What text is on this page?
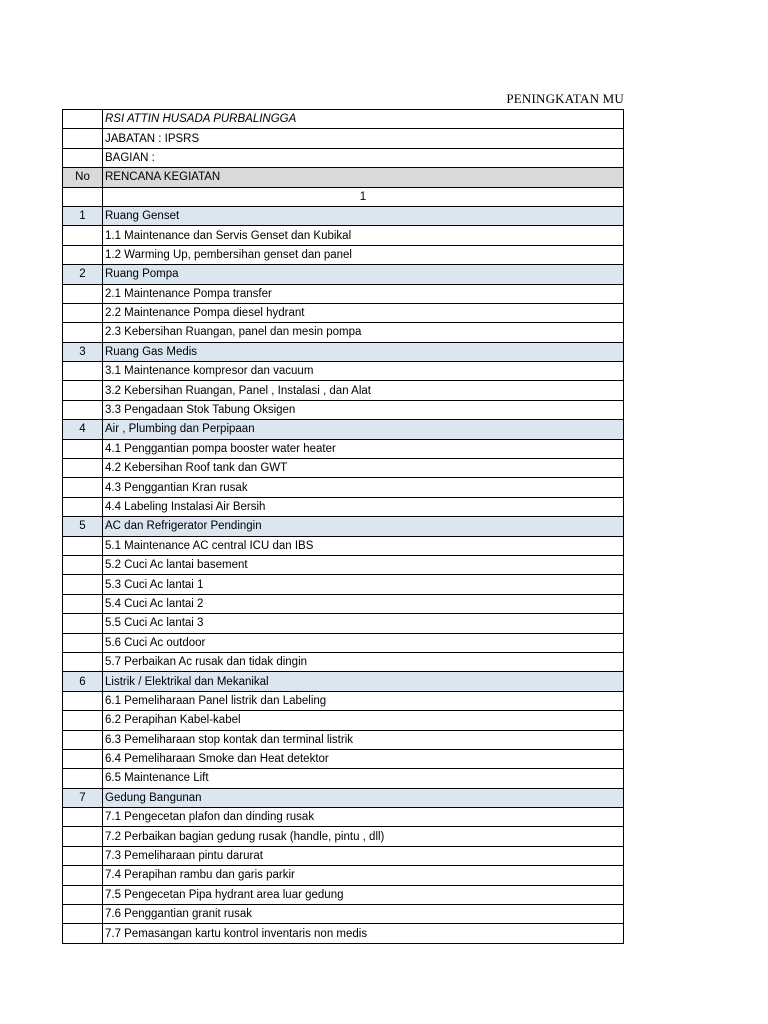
PENINGKATAN MU
	RSI ATTIN HUSADA PURBALINGGA
	JABATAN : IPSRS
	BAGIAN :
No	RENCANA KEGIATAN
	1
1	Ruang Genset
	1.1 Maintenance dan Servis Genset dan Kubikal
	1.2 Warming Up, pembersihan genset dan panel
2	Ruang Pompa
	2.1 Maintenance Pompa transfer
	2.2 Maintenance Pompa diesel hydrant
	2.3 Kebersihan Ruangan, panel dan mesin pompa
3	Ruang Gas Medis
	3.1 Maintenance kompresor dan vacuum
	3.2 Kebersihan Ruangan, Panel , Instalasi , dan Alat
	3.3 Pengadaan Stok Tabung Oksigen
4	Air , Plumbing dan Perpipaan
	4.1 Penggantian pompa booster water heater
	4.2 Kebersihan Roof tank dan GWT
	4.3 Penggantian Kran rusak
	4.4 Labeling Instalasi Air Bersih
5	AC dan Refrigerator Pendingin
	5.1 Maintenance AC central ICU dan IBS
	5.2 Cuci Ac lantai basement
	5.3 Cuci Ac lantai 1
	5.4 Cuci Ac lantai 2
	5.5 Cuci Ac lantai 3
	5.6 Cuci Ac outdoor
	5.7 Perbaikan Ac rusak dan tidak dingin
6	Listrik / Elektrikal dan Mekanikal
	6.1 Pemeliharaan Panel listrik dan Labeling
	6.2 Perapihan Kabel-kabel
	6.3 Pemeliharaan stop kontak dan terminal listrik
	6.4 Pemeliharaan Smoke dan Heat detektor
	6.5 Maintenance Lift
7	Gedung Bangunan
	7.1 Pengecetan plafon dan dinding rusak
	7.2 Perbaikan bagian gedung rusak (handle, pintu , dll)
	7.3 Pemeliharaan pintu darurat
	7.4 Perapihan rambu dan garis parkir
	7.5 Pengecetan Pipa hydrant area luar gedung
	7.6 Penggantian granit rusak
	7.7 Pemasangan kartu kontrol inventaris non medis
